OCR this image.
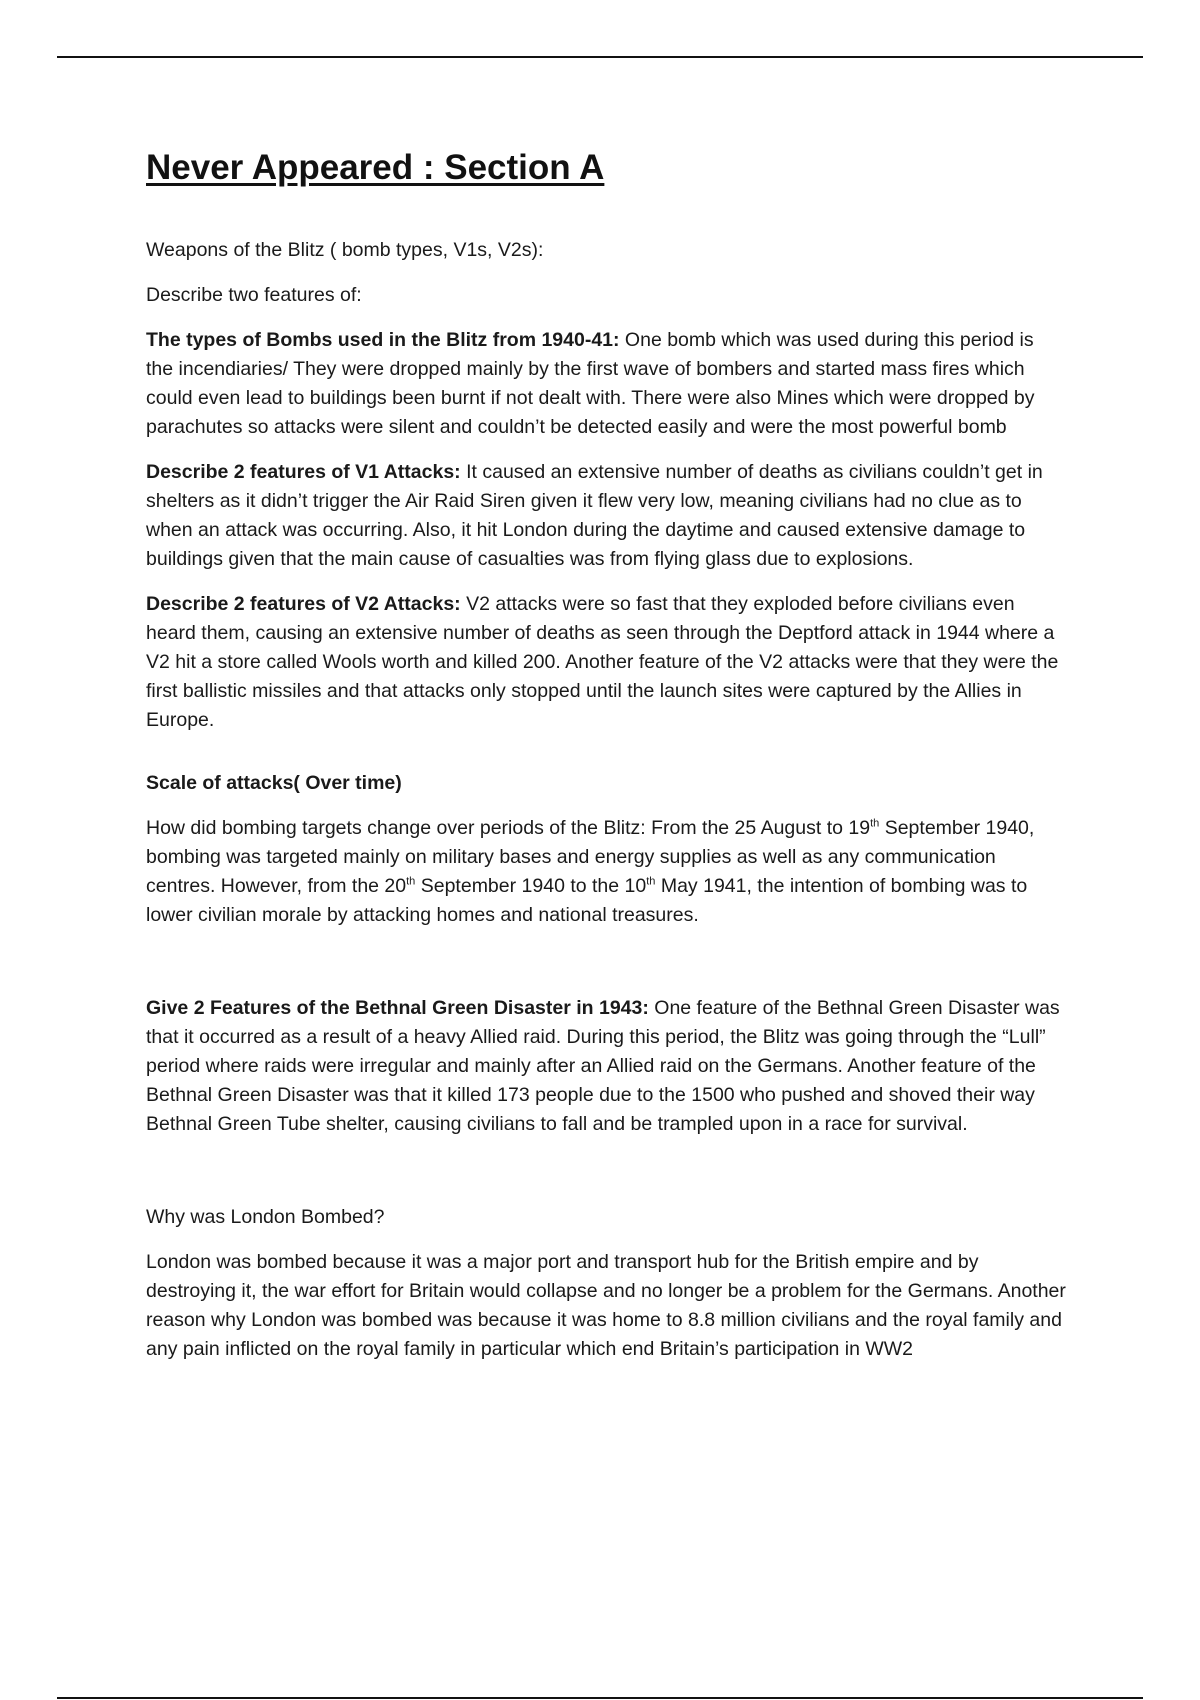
Never Appeared : Section A

Weapons of the Blitz ( bomb types, V1s, V2s):

Describe two features of:

The types of Bombs used in the Blitz from 1940-41: One bomb which was used during this period is the incendiaries/ They were dropped mainly by the first wave of bombers and started mass fires which could even lead to buildings been burnt if not dealt with. There were also Mines which were dropped by parachutes so attacks were silent and couldn’t be detected easily and were the most powerful bomb

Describe 2 features of V1 Attacks: It caused an extensive number of deaths as civilians couldn’t get in shelters as it didn’t trigger the Air Raid Siren given it flew very low, meaning civilians had no clue as to when an attack was occurring. Also, it hit London during the daytime and caused extensive damage to buildings given that the main cause of casualties was from flying glass due to explosions.

Describe 2 features of V2 Attacks: V2 attacks were so fast that they exploded before civilians even heard them, causing an extensive number of deaths as seen through the Deptford attack in 1944 where a V2 hit a store called Wools worth and killed 200. Another feature of the V2 attacks were that they were the first ballistic missiles and that attacks only stopped until the launch sites were captured by the Allies in Europe.

Scale of attacks( Over time)

How did bombing targets change over periods of the Blitz: From the 25 August to 19th September 1940, bombing was targeted mainly on military bases and energy supplies as well as any communication centres. However, from the 20th September 1940 to the 10th May 1941, the intention of bombing was to lower civilian morale by attacking homes and national treasures.

Give 2 Features of the Bethnal Green Disaster in 1943: One feature of the Bethnal Green Disaster was that it occurred as a result of a heavy Allied raid. During this period, the Blitz was going through the “Lull” period where raids were irregular and mainly after an Allied raid on the Germans. Another feature of the Bethnal Green Disaster was that it killed 173 people due to the 1500 who pushed and shoved their way Bethnal Green Tube shelter, causing civilians to fall and be trampled upon in a race for survival.

Why was London Bombed?

London was bombed because it was a major port and transport hub for the British empire and by destroying it, the war effort for Britain would collapse and no longer be a problem for the Germans. Another reason why London was bombed was because it was home to 8.8 million civilians and the royal family and any pain inflicted on the royal family in particular which end Britain’s participation in WW2
